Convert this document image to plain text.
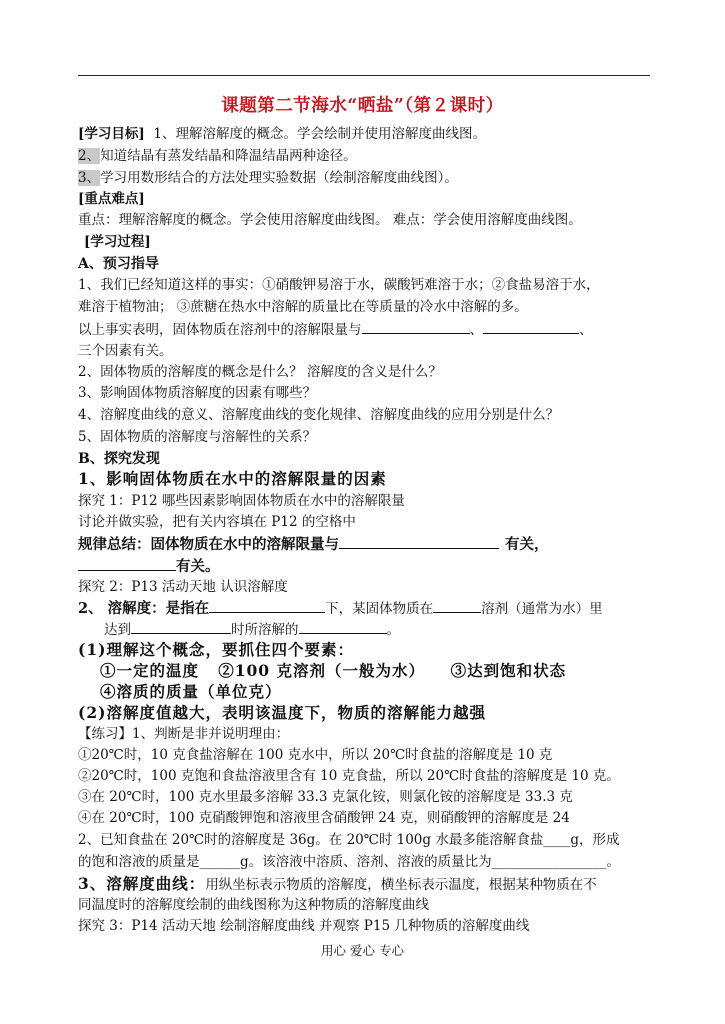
课题第二节海水“晒盐”（第２课时）
[学习目标] 1、理解溶解度的概念。学会绘制并使用溶解度曲线图。
2、知道结晶有蒸发结晶和降温结晶两种途径。
3、学习用数形结合的方法处理实验数据（绘制溶解度曲线图）。
[重点难点]
重点：理解溶解度的概念。学会使用溶解度曲线图。 难点：学会使用溶解度曲线图。
[学习过程]
A、预习指导
1、我们已经知道这样的事实：①硝酸钾易溶于水，碳酸钙难溶于水；②食盐易溶于水，
难溶于植物油； ③蔗糖在热水中溶解的质量比在等质量的冷水中溶解的多。
以上事实表明，固体物质在溶剂中的溶解限量与	、	、
三个因素有关。
2、固体物质的溶解度的概念是什么？ 溶解度的含义是什么？
3、影响固体物质溶解度的因素有哪些？
4、溶解度曲线的意义、溶解度曲线的变化规律、溶解度曲线的应用分别是什么？
5、固体物质的溶解度与溶解性的关系？
B、探究发现
1、影响固体物质在水中的溶解限量的因素
探究 1：P12 哪些因素影响固体物质在水中的溶解限量
讨论并做实验，把有关内容填在 P12 的空格中
规律总结：固体物质在水中的溶解限量与	有关，
有关。
探究 2：P13 活动天地 认识溶解度
2、 溶解度：是指在	下，某固体物质在	溶剂（通常为水）里
达到	时所溶解的	。
(1)理解这个概念，要抓住四个要素：
①一定的温度 ②100 克溶剂（一般为水） ③达到饱和状态
④溶质的质量（单位克）
(2)溶解度值越大，表明该温度下，物质的溶解能力越强
【练习】1、判断是非并说明理由：
①20℃时，10 克食盐溶解在 100 克水中，所以 20℃时食盐的溶解度是 10 克
②20℃时，100 克饱和食盐溶液里含有 10 克食盐，所以 20℃时食盐的溶解度是 10 克。
③在 20℃时，100 克水里最多溶解 33.3 克氯化铵，则氯化铵的溶解度是 33.3 克
④在 20℃时，100 克硝酸钾饱和溶液里含硝酸钾 24 克，则硝酸钾的溶解度是 24
2、已知食盐在 20℃时的溶解度是 36g。在 20℃时 100g 水最多能溶解食盐____g，形成
的饱和溶液的质量是______g。该溶液中溶质、溶剂、溶液的质量比为_________________。
3、溶解度曲线：用纵坐标表示物质的溶解度，横坐标表示温度，根据某种物质在不
同温度时的溶解度绘制的曲线图称为这种物质的溶解度曲线
探究 3：P14 活动天地 绘制溶解度曲线 并观察 P15 几种物质的溶解度曲线
用心 爱心 专心
